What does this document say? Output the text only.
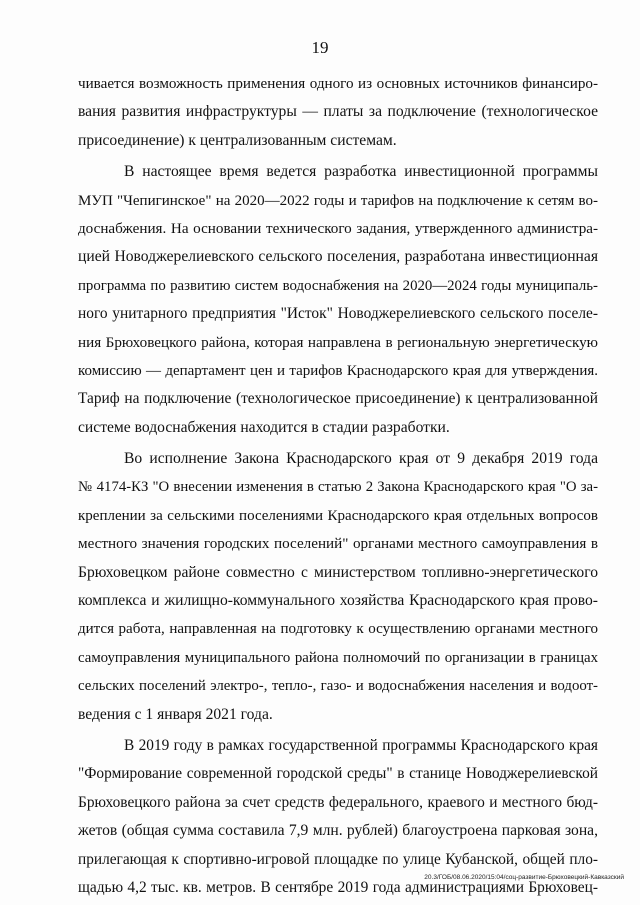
19
чивается возможность применения одного из основных источников финансиро-
вания развития инфраструктуры — платы за подключение (технологическое
присоединение) к централизованным системам.
В настоящее время ведется разработка инвестиционной программы
МУП "Чепигинское" на 2020—2022 годы и тарифов на подключение к сетям во-
доснабжения. На основании технического задания, утвержденного администра-
цией Новоджерелиевского сельского поселения, разработана инвестиционная
программа по развитию систем водоснабжения на 2020—2024 годы муниципаль-
ного унитарного предприятия "Исток" Новоджерелиевского сельского поселе-
ния Брюховецкого района, которая направлена в региональную энергетическую
комиссию — департамент цен и тарифов Краснодарского края для утверждения.
Тариф на подключение (технологическое присоединение) к централизованной
системе водоснабжения находится в стадии разработки.
Во исполнение Закона Краснодарского края от 9 декабря 2019 года
№ 4174-КЗ "О внесении изменения в статью 2 Закона Краснодарского края "О за-
креплении за сельскими поселениями Краснодарского края отдельных вопросов
местного значения городских поселений" органами местного самоуправления в
Брюховецком районе совместно с министерством топливно-энергетического
комплекса и жилищно-коммунального хозяйства Краснодарского края прово-
дится работа, направленная на подготовку к осуществлению органами местного
самоуправления муниципального района полномочий по организации в границах
сельских поселений электро-, тепло-, газо- и водоснабжения населения и водоот-
ведения с 1 января 2021 года.
В 2019 году в рамках государственной программы Краснодарского края
"Формирование современной городской среды" в станице Новоджерелиевской
Брюховецкого района за счет средств федерального, краевого и местного бюд-
жетов (общая сумма составила 7,9 млн. рублей) благоустроена парковая зона,
прилегающая к спортивно-игровой площадке по улице Кубанской, общей пло-
щадью 4,2 тыс. кв. метров. В сентябре 2019 года администрациями Брюховец-
20.3/ГОБ/08.06.2020/15:04/соц-развитие-Брюховецкий-Кавказский
